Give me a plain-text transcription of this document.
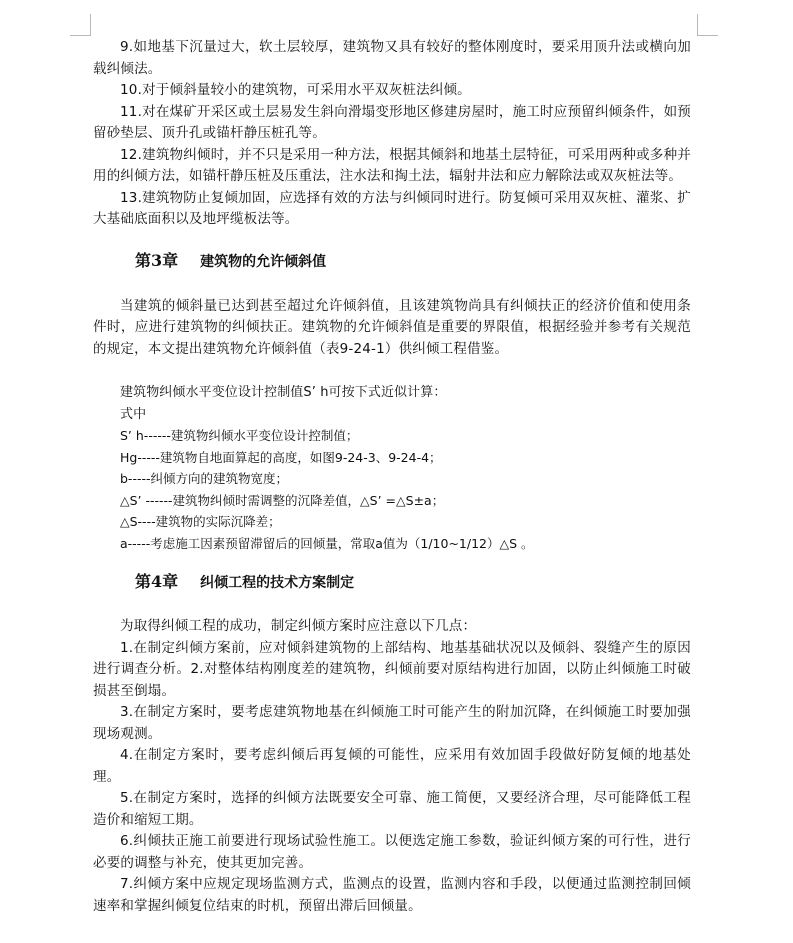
9.如地基下沉量过大，软土层较厚，建筑物又具有较好的整体刚度时，要采用顶升法或横向加载纠倾法。

10.对于倾斜量较小的建筑物，可采用水平双灰桩法纠倾。

11.对在煤矿开采区或土层易发生斜向滑塌变形地区修建房屋时，施工时应预留纠倾条件，如预留砂垫层、顶升孔或锚杆静压桩孔等。

12.建筑物纠倾时，并不只是采用一种方法，根据其倾斜和地基土层特征，可采用两种或多种并用的纠倾方法，如锚杆静压桩及压重法，注水法和掏土法，辐射井法和应力解除法或双灰桩法等。

13.建筑物防止复倾加固，应选择有效的方法与纠倾同时进行。防复倾可采用双灰桩、灌浆、扩大基础底面积以及地坪缆板法等。

第3章 建筑物的允许倾斜值

当建筑的倾斜量已达到甚至超过允许倾斜值，且该建筑物尚具有纠倾扶正的经济价值和使用条件时，应进行建筑物的纠倾扶正。建筑物的允许倾斜值是重要的界限值，根据经验并参考有关规范的规定，本文提出建筑物允许倾斜值（表9-24-1）供纠倾工程借鉴。

建筑物纠倾水平变位设计控制值S’ h可按下式近似计算：

式中

S’ h------建筑物纠倾水平变位设计控制值；

Hg-----建筑物自地面算起的高度，如图9-24-3、9-24-4；

b-----纠倾方向的建筑物宽度；

△S’ ------建筑物纠倾时需调整的沉降差值，△S’ =△S±a；

△S----建筑物的实际沉降差；

a-----考虑施工因素预留滞留后的回倾量，常取a值为（1/10~1/12）△S 。

第4章 纠倾工程的技术方案制定

为取得纠倾工程的成功，制定纠倾方案时应注意以下几点：

1.在制定纠倾方案前，应对倾斜建筑物的上部结构、地基基础状况以及倾斜、裂缝产生的原因进行调查分析。2.对整体结构刚度差的建筑物，纠倾前要对原结构进行加固，以防止纠倾施工时破损甚至倒塌。

3.在制定方案时，要考虑建筑物地基在纠倾施工时可能产生的附加沉降，在纠倾施工时要加强现场观测。

4.在制定方案时，要考虑纠倾后再复倾的可能性，应采用有效加固手段做好防复倾的地基处理。

5.在制定方案时，选择的纠倾方法既要安全可靠、施工简便，又要经济合理，尽可能降低工程造价和缩短工期。

6.纠倾扶正施工前要进行现场试验性施工。以便选定施工参数，验证纠倾方案的可行性，进行必要的调整与补充，使其更加完善。

7.纠倾方案中应规定现场监测方式，监测点的设置，监测内容和手段，以便通过监测控制回倾速率和掌握纠倾复位结束的时机，预留出滞后回倾量。
